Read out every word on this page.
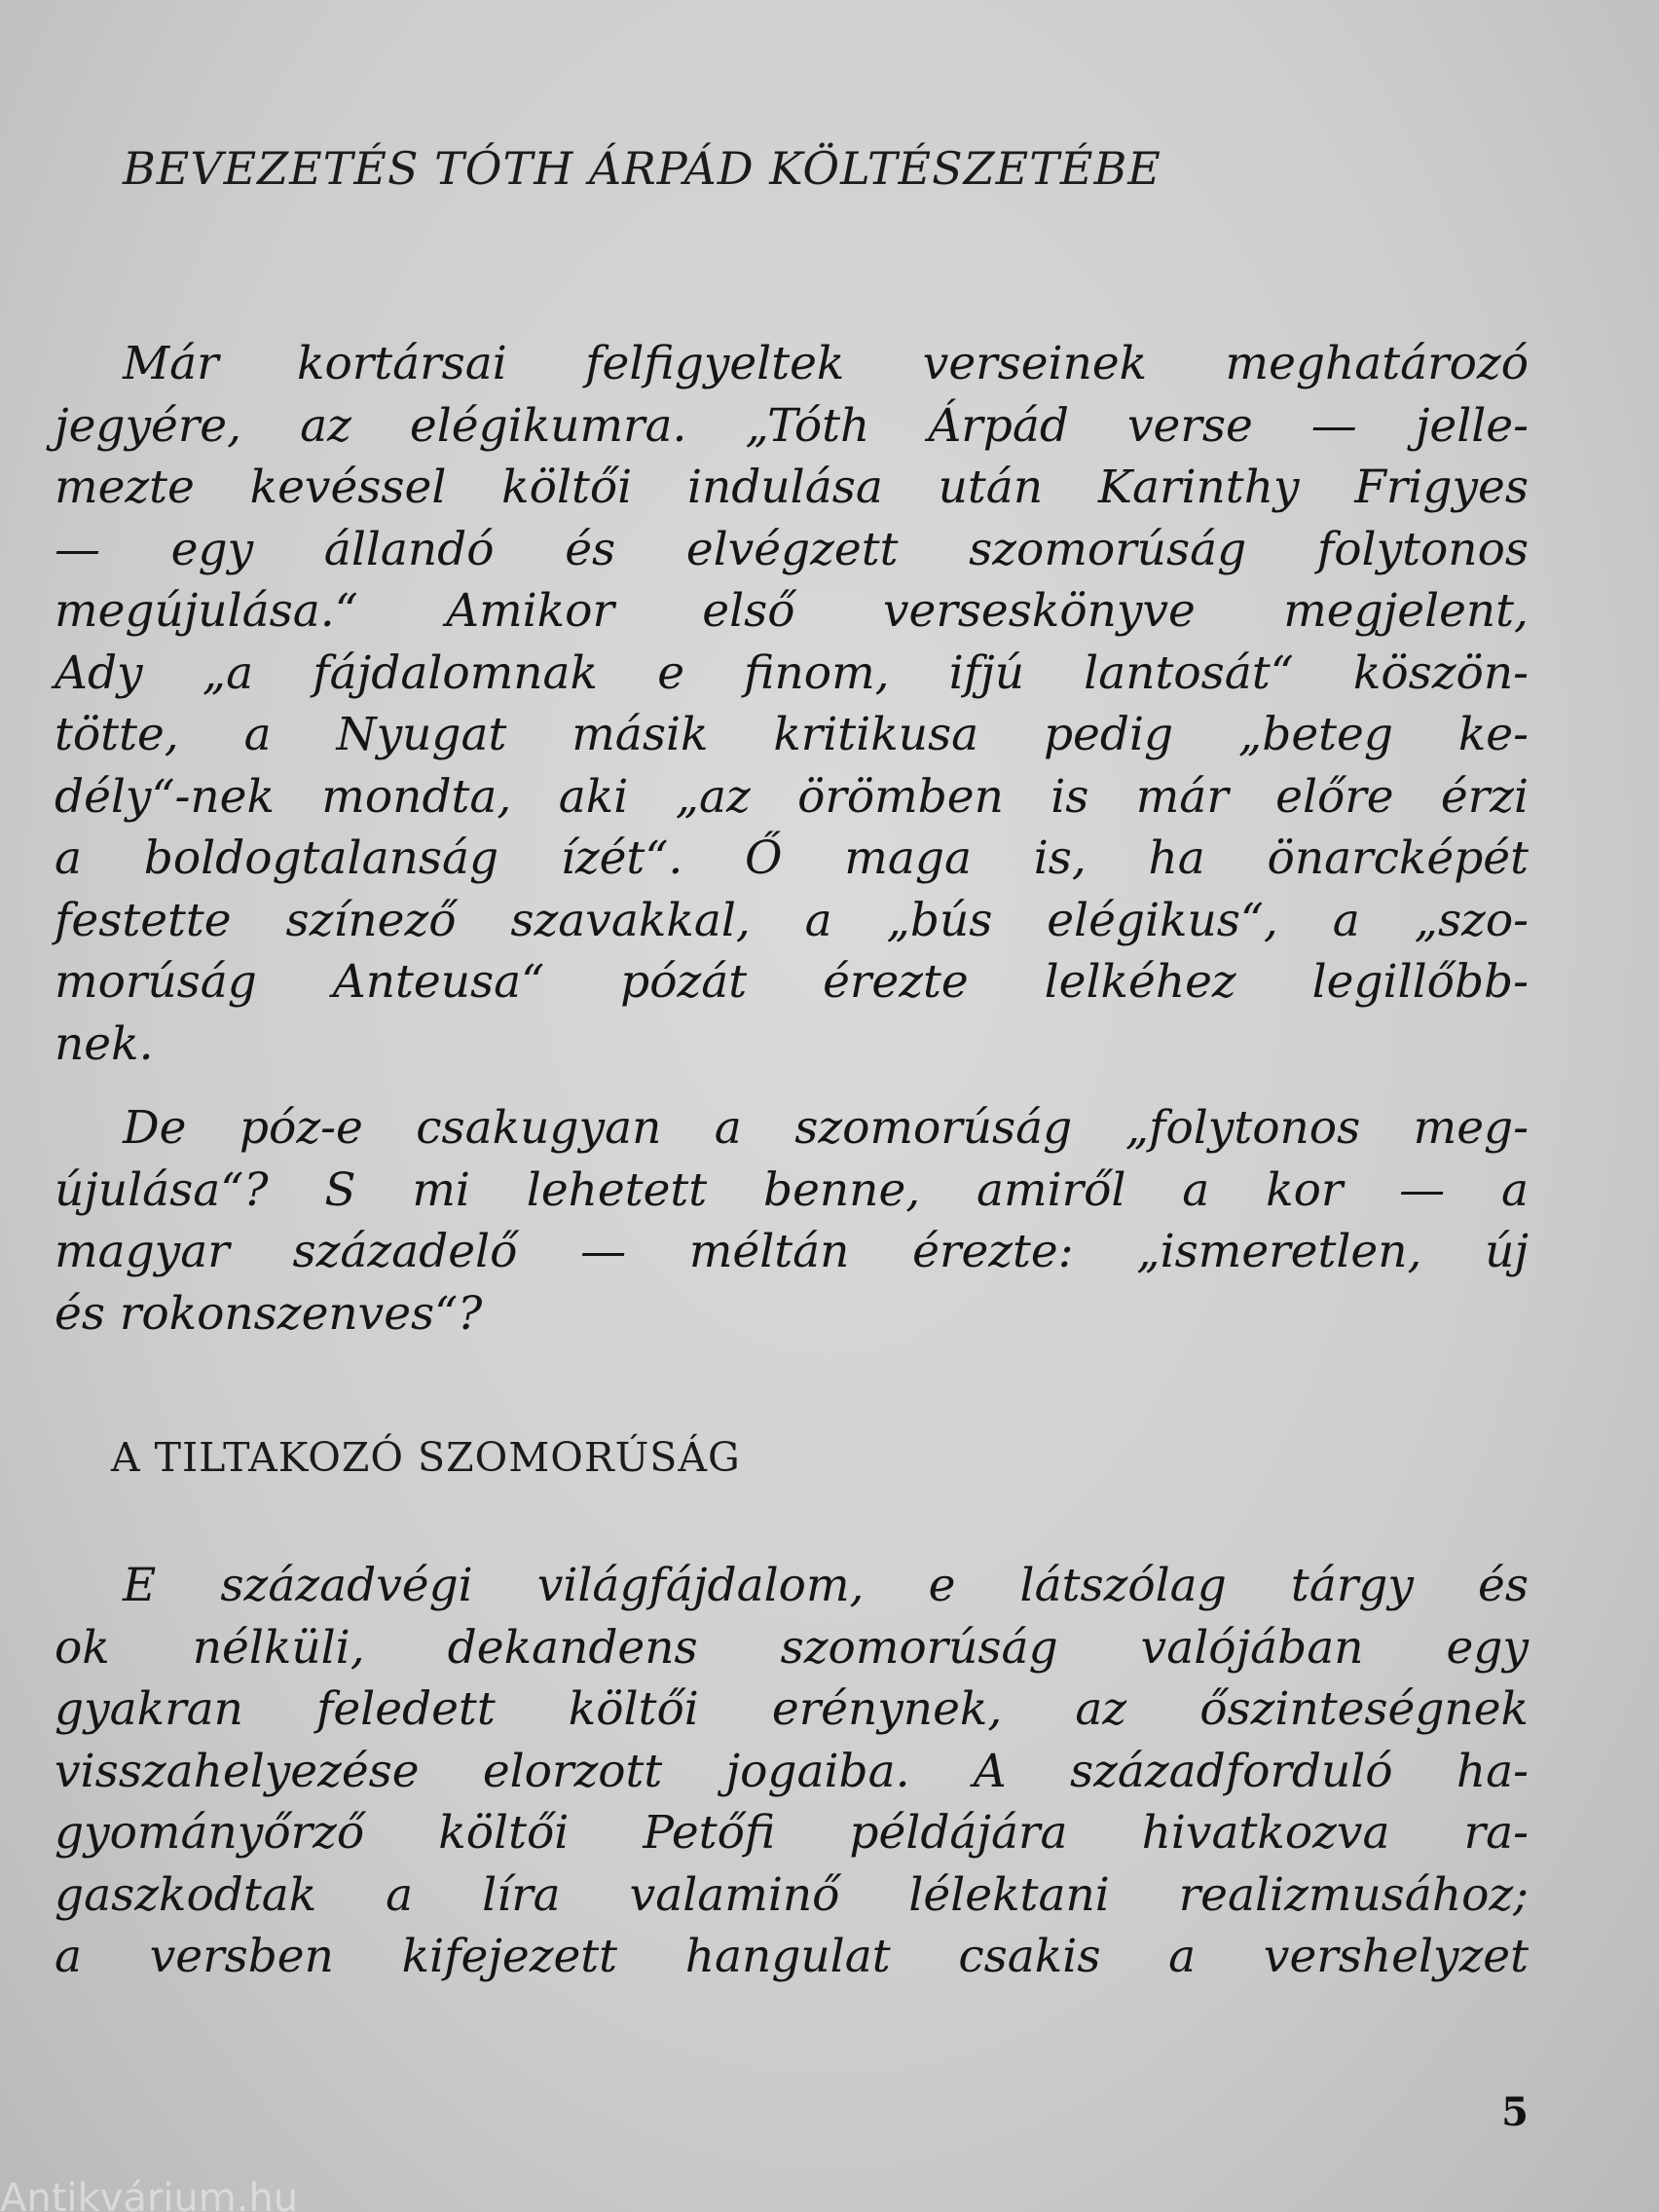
BEVEZETÉS TÓTH ÁRPÁD KÖLTÉSZETÉBE
Már kortársai felfigyeltek verseinek meghatározó
jegyére, az elégikumra. „Tóth Árpád verse — jelle-
mezte kevéssel költői indulása után Karinthy Frigyes
— egy állandó és elvégzett szomorúság folytonos
megújulása.“ Amikor első verseskönyve megjelent,
Ady „a fájdalomnak e finom, ifjú lantosát“ köszön-
tötte, a Nyugat másik kritikusa pedig „beteg ke-
dély“-nek mondta, aki „az örömben is már előre érzi
a boldogtalanság ízét“. Ő maga is, ha önarcképét
festette színező szavakkal, a „bús elégikus“, a „szo-
morúság Anteusa“ pózát érezte lelkéhez legillőbb-
nek.
De póz-e csakugyan a szomorúság „folytonos meg-
újulása“? S mi lehetett benne, amiről a kor — a
magyar századelő — méltán érezte: „ismeretlen, új
és rokonszenves“?
A TILTAKOZÓ SZOMORÚSÁG
E századvégi világfájdalom, e látszólag tárgy és
ok nélküli, dekandens szomorúság valójában egy
gyakran feledett költői erénynek, az őszinteségnek
visszahelyezése elorzott jogaiba. A századforduló ha-
gyományőrző költői Petőfi példájára hivatkozva ra-
gaszkodtak a líra valaminő lélektani realizmusához;
a versben kifejezett hangulat csakis a vershelyzet
5
Antikvárium.hu
